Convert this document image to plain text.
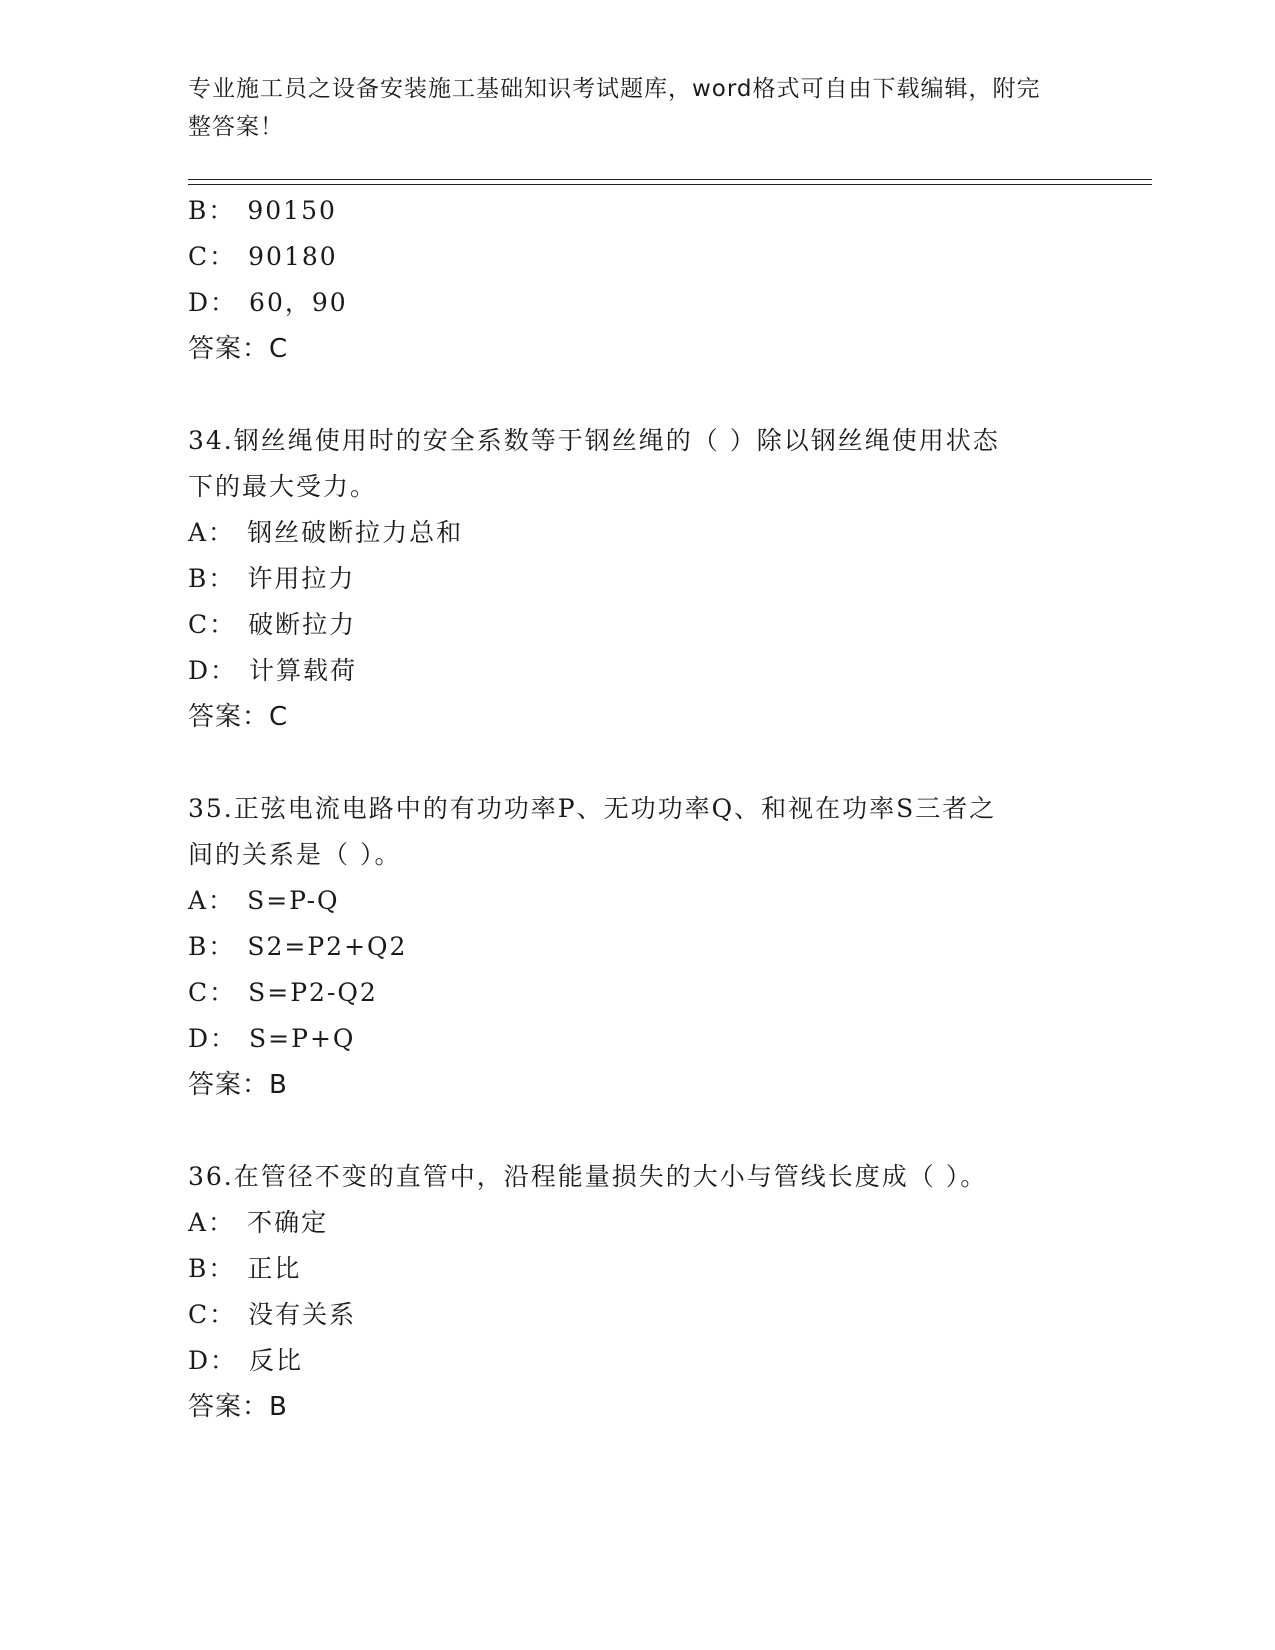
专业施工员之设备安装施工基础知识考试题库，word格式可自由下载编辑，附完
整答案！
B： 90150
C： 90180
D： 60，90
答案：C
34.钢丝绳使用时的安全系数等于钢丝绳的（ ）除以钢丝绳使用状态
下的最大受力。
A： 钢丝破断拉力总和
B： 许用拉力
C： 破断拉力
D： 计算载荷
答案：C
35.正弦电流电路中的有功功率P、无功功率Q、和视在功率S三者之
间的关系是（ ）。
A： S=P-Q
B： S2=P2+Q2
C： S=P2-Q2
D： S=P+Q
答案：B
36.在管径不变的直管中，沿程能量损失的大小与管线长度成（ ）。
A： 不确定
B： 正比
C： 没有关系
D： 反比
答案：B
